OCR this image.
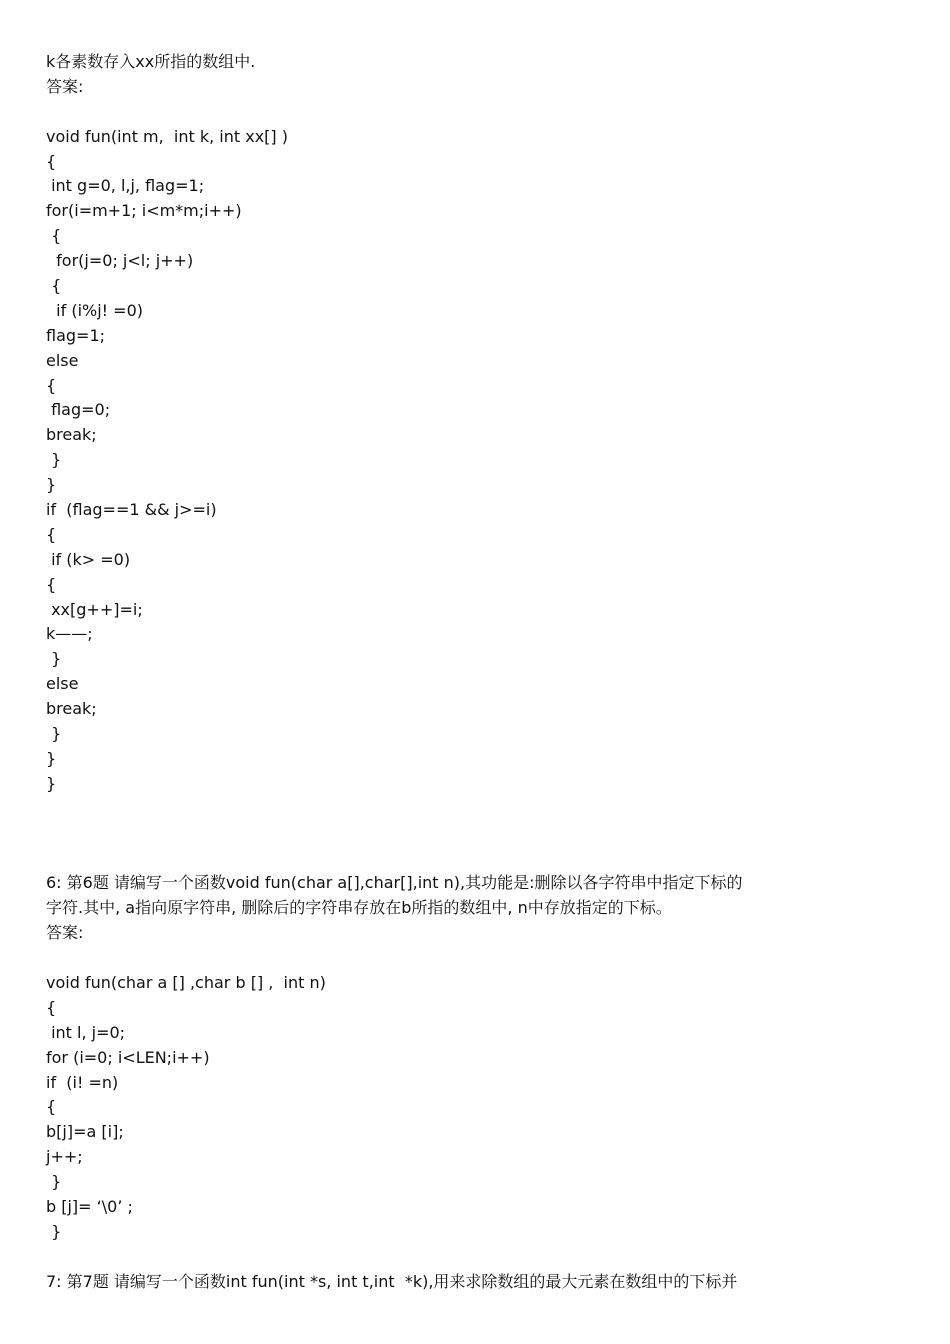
k各素数存入xx所指的数组中.
答案:
void fun(int m,  int k, int xx[] )
{
int g=0, l,j, flag=1;
for(i=m+1; i<m*m;i++)
{
for(j=0; j<l; j++)
{
if (i%j! =0)
flag=1;
else
{
flag=0;
break;
}
}
if  (flag==1 && j>=i)
{
if (k> =0)
{
xx[g++]=i;
k——;
}
else
break;
}
}
}
6: 第6题 请编写一个函数void fun(char a[],char[],int n),其功能是:删除以各字符串中指定下标的
字符.其中, a指向原字符串, 删除后的字符串存放在b所指的数组中, n中存放指定的下标。
答案:
void fun(char a [] ,char b [] ,  int n)
{
int l, j=0;
for (i=0; i<LEN;i++)
if  (i! =n)
{
b[j]=a [i];
j++;
}
b [j]= ‘\0’ ;
}
7: 第7题 请编写一个函数int fun(int *s, int t,int  *k),用来求除数组的最大元素在数组中的下标并
